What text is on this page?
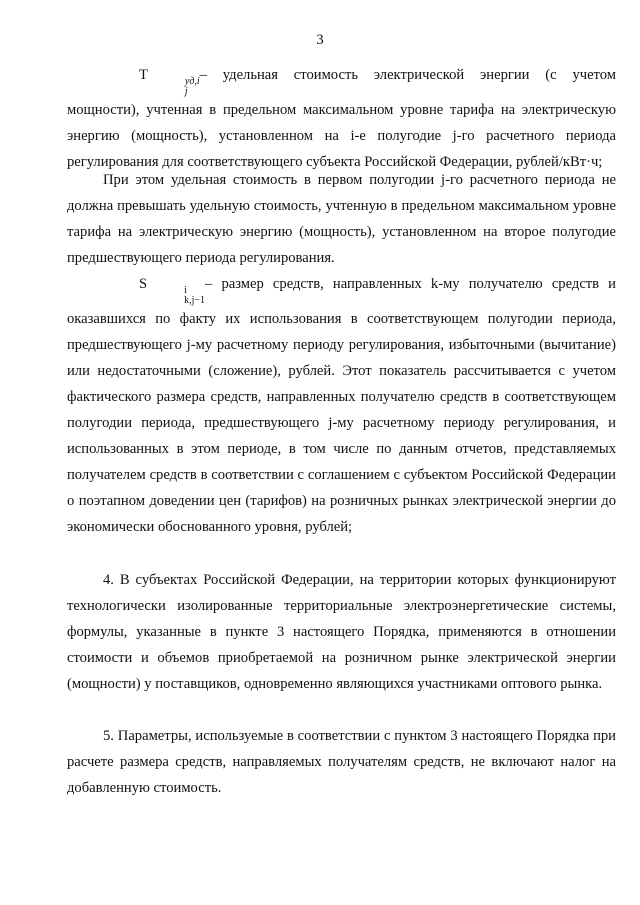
3

T	уд,i
j
– удельная стоимость электрической энергии (с учетом мощности), учтенная в предельном максимальном уровне тарифа на электрическую энергию (мощность), установленном на i-е полугодие j-го расчетного периода регулирования для соответствующего субъекта Российской Федерации, рублей/кВт·ч;

При этом удельная стоимость в первом полугодии j-го расчетного периода не должна превышать удельную стоимость, учтенную в предельном максимальном уровне тарифа на электрическую энергию (мощность), установленном на второе полугодие предшествующего периода регулирования.

S	i
k,j−1
– размер средств, направленных k-му получателю средств и оказавшихся по факту их использования в соответствующем полугодии периода, предшествующего j-му расчетному периоду регулирования, избыточными (вычитание) или недостаточными (сложение), рублей. Этот показатель рассчитывается с учетом фактического размера средств, направленных получателю средств в соответствующем полугодии периода, предшествующего j-му расчетному периоду регулирования, и использованных в этом периоде, в том числе по данным отчетов, представляемых получателем средств в соответствии с соглашением с субъектом Российской Федерации о поэтапном доведении цен (тарифов) на розничных рынках электрической энергии до экономически обоснованного уровня, рублей;

4. В субъектах Российской Федерации, на территории которых функционируют технологически изолированные территориальные электроэнергетические системы, формулы, указанные в пункте 3 настоящего Порядка, применяются в отношении стоимости и объемов приобретаемой на розничном рынке электрической энергии (мощности) у поставщиков, одновременно являющихся участниками оптового рынка.

5. Параметры, используемые в соответствии с пунктом 3 настоящего Порядка при расчете размера средств, направляемых получателям средств, не включают налог на добавленную стоимость.
